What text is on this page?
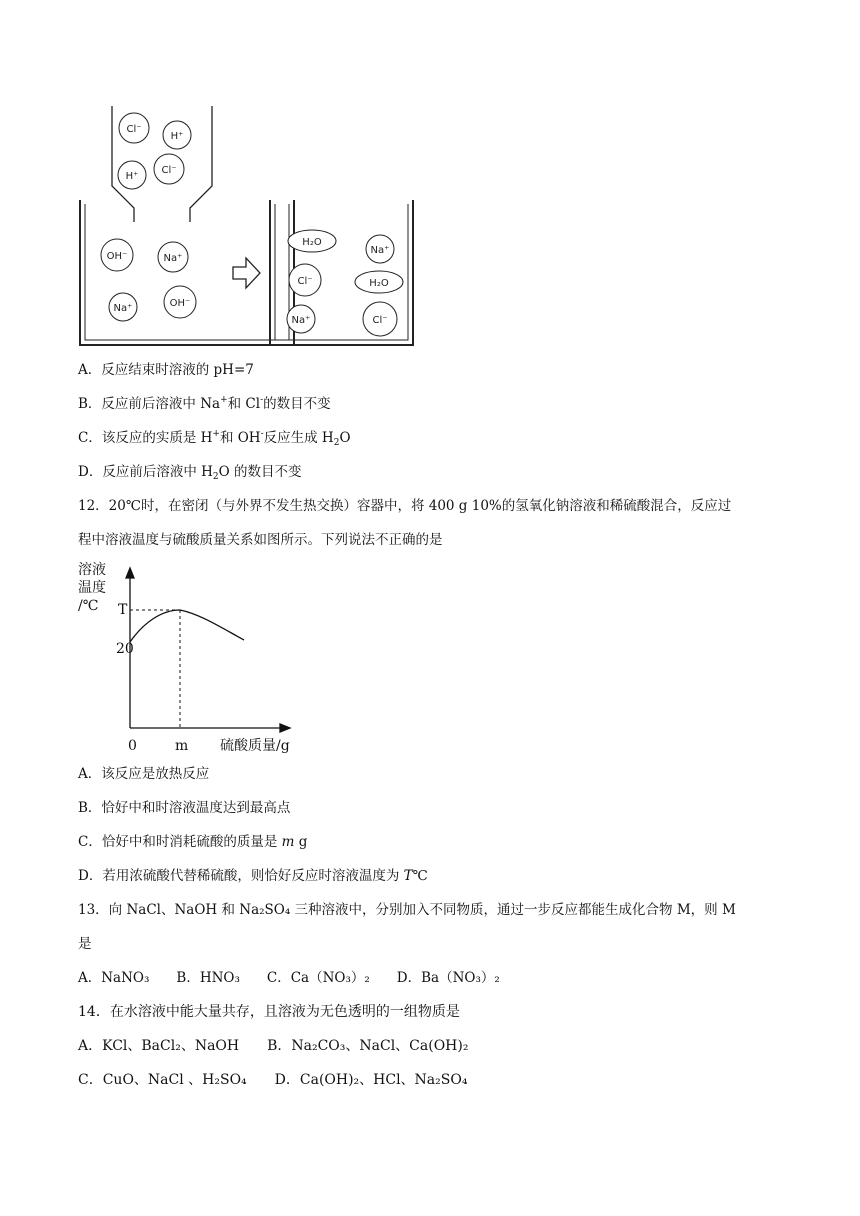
Cl⁻
H⁺
H⁺
Cl⁻
OH⁻	Na⁺
Na⁺	OH⁻
H₂O
Na⁺
Cl⁻	H₂O
Na⁺	Cl⁻
A．反应结束时溶液的 pH=7
B．反应前后溶液中 Na+和 Cl-的数目不变
C．该反应的实质是 H+和 OH-反应生成 $H_2O$
D．反应前后溶液中 $H_2O$ 的数目不变
12．20℃时，在密闭（与外界不发生热交换）容器中，将 400 g 10%的氢氧化钠溶液和稀硫酸混合，反应过
程中溶液温度与硫酸质量关系如图所示。下列说法不正确的是
溶液
温度
/℃ T
20
0	m 硫酸质量/g
A．该反应是放热反应
B．恰好中和时溶液温度达到最高点
C．恰好中和时消耗硫酸的质量是 m g
D．若用浓硫酸代替稀硫酸，则恰好反应时溶液温度为 T℃
13．向 NaCl、NaOH 和 Na₂SO₄ 三种溶液中，分别加入不同物质，通过一步反应都能生成化合物 M，则 M
是
A．NaNO₃　　B．HNO₃　　C．Ca（NO₃）₂　　D．Ba（NO₃）₂
14．在水溶液中能大量共存，且溶液为无色透明的一组物质是
A．KCl、BaCl₂、NaOH　　B．Na₂CO₃、NaCl、Ca(OH)₂
C．CuO、NaCl 、H₂SO₄　　D．Ca(OH)₂、HCl、Na₂SO₄
